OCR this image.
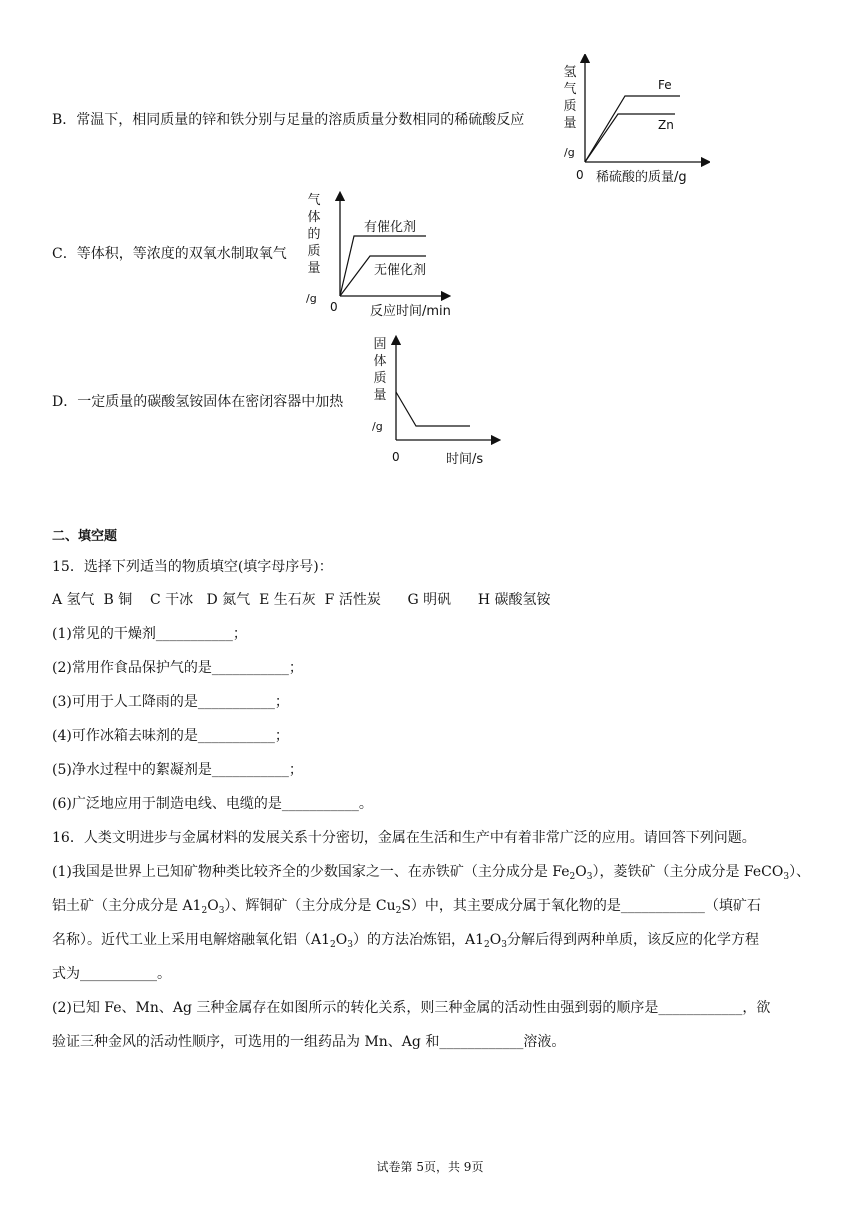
B．常温下，相同质量的锌和铁分别与足量的溶质质量分数相同的稀硫酸反应
氢气质量
/g
0 稀硫酸的质量/g
Fe
Zn
C．等体积，等浓度的双氧水制取氧气
气体的质量
/g
0 反应时间/min
有催化剂
无催化剂
D．一定质量的碳酸氢铵固体在密闭容器中加热
固体质量
/g
0	时间/s
二、填空题
15．选择下列适当的物质填空(填字母序号)：
A 氢气  B 铜    C 干冰   D 氮气  E 生石灰  F 活性炭      G 明矾      H 碳酸氢铵
(1)常见的干燥剂___________；
(2)常用作食品保护气的是___________；
(3)可用于人工降雨的是___________；
(4)可作冰箱去味剂的是___________；
(5)净水过程中的絮凝剂是___________；
(6)广泛地应用于制造电线、电缆的是___________。
16．人类文明进步与金属材料的发展关系十分密切，金属在生活和生产中有着非常广泛的应用。请回答下列问题。
(1)我国是世界上已知矿物种类比较齐全的少数国家之一、在赤铁矿（主分成分是 $Fe_2O_3$），菱铁矿（主分成分是 FeCO$_3$）、
铝土矿（主分成分是 $A1_2O_3$）、辉铜矿（主分成分是 $Cu_2S$）中，其主要成分属于氧化物的是____________（填矿石
名称）。近代工业上采用电解熔融氧化铝$(A1_2O_3)$的方法冶炼铝，$A1_2O_3$分解后得到两种单质，该反应的化学方程
式为___________。
(2)已知 Fe、Mn、Ag 三种金属存在如图所示的转化关系，则三种金属的活动性由强到弱的顺序是____________，欲
验证三种金风的活动性顺序，可选用的一组药品为 Mn、Ag 和____________溶液。
试卷第 5页，共 9页
